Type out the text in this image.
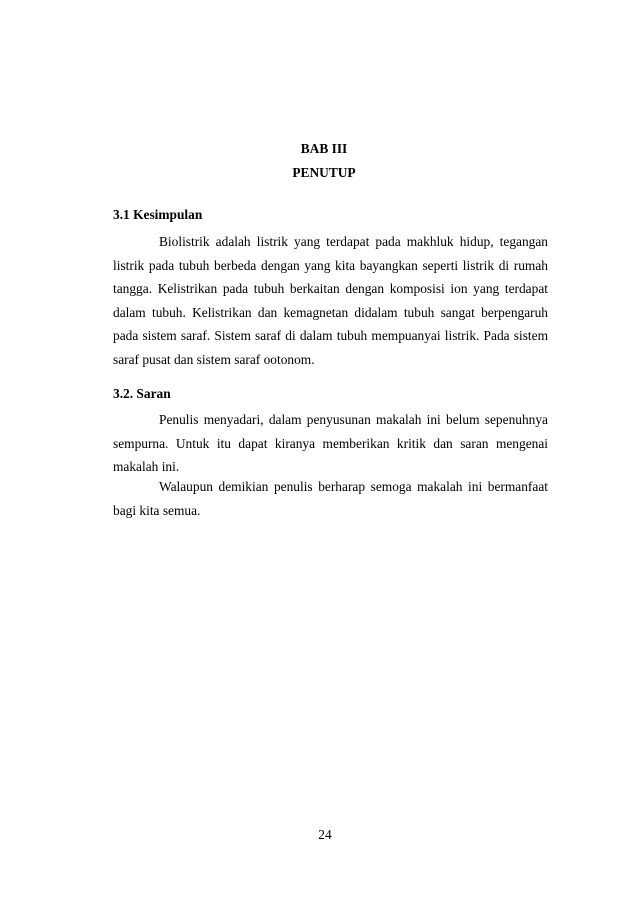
BAB III
PENUTUP
3.1 Kesimpulan

Biolistrik adalah listrik yang terdapat pada makhluk hidup, tegangan listrik pada tubuh berbeda dengan yang kita bayangkan seperti listrik di rumah tangga. Kelistrikan pada tubuh berkaitan dengan komposisi ion yang terdapat dalam tubuh. Kelistrikan dan kemagnetan didalam tubuh sangat berpengaruh pada sistem saraf. Sistem saraf di dalam tubuh mempuanyai listrik. Pada sistem saraf pusat dan sistem saraf ootonom.

3.2. Saran

Penulis menyadari, dalam penyusunan makalah ini belum sepenuhnya sempurna. Untuk itu dapat kiranya memberikan kritik dan saran mengenai makalah ini.

Walaupun demikian penulis berharap semoga makalah ini bermanfaat bagi kita semua.

24
